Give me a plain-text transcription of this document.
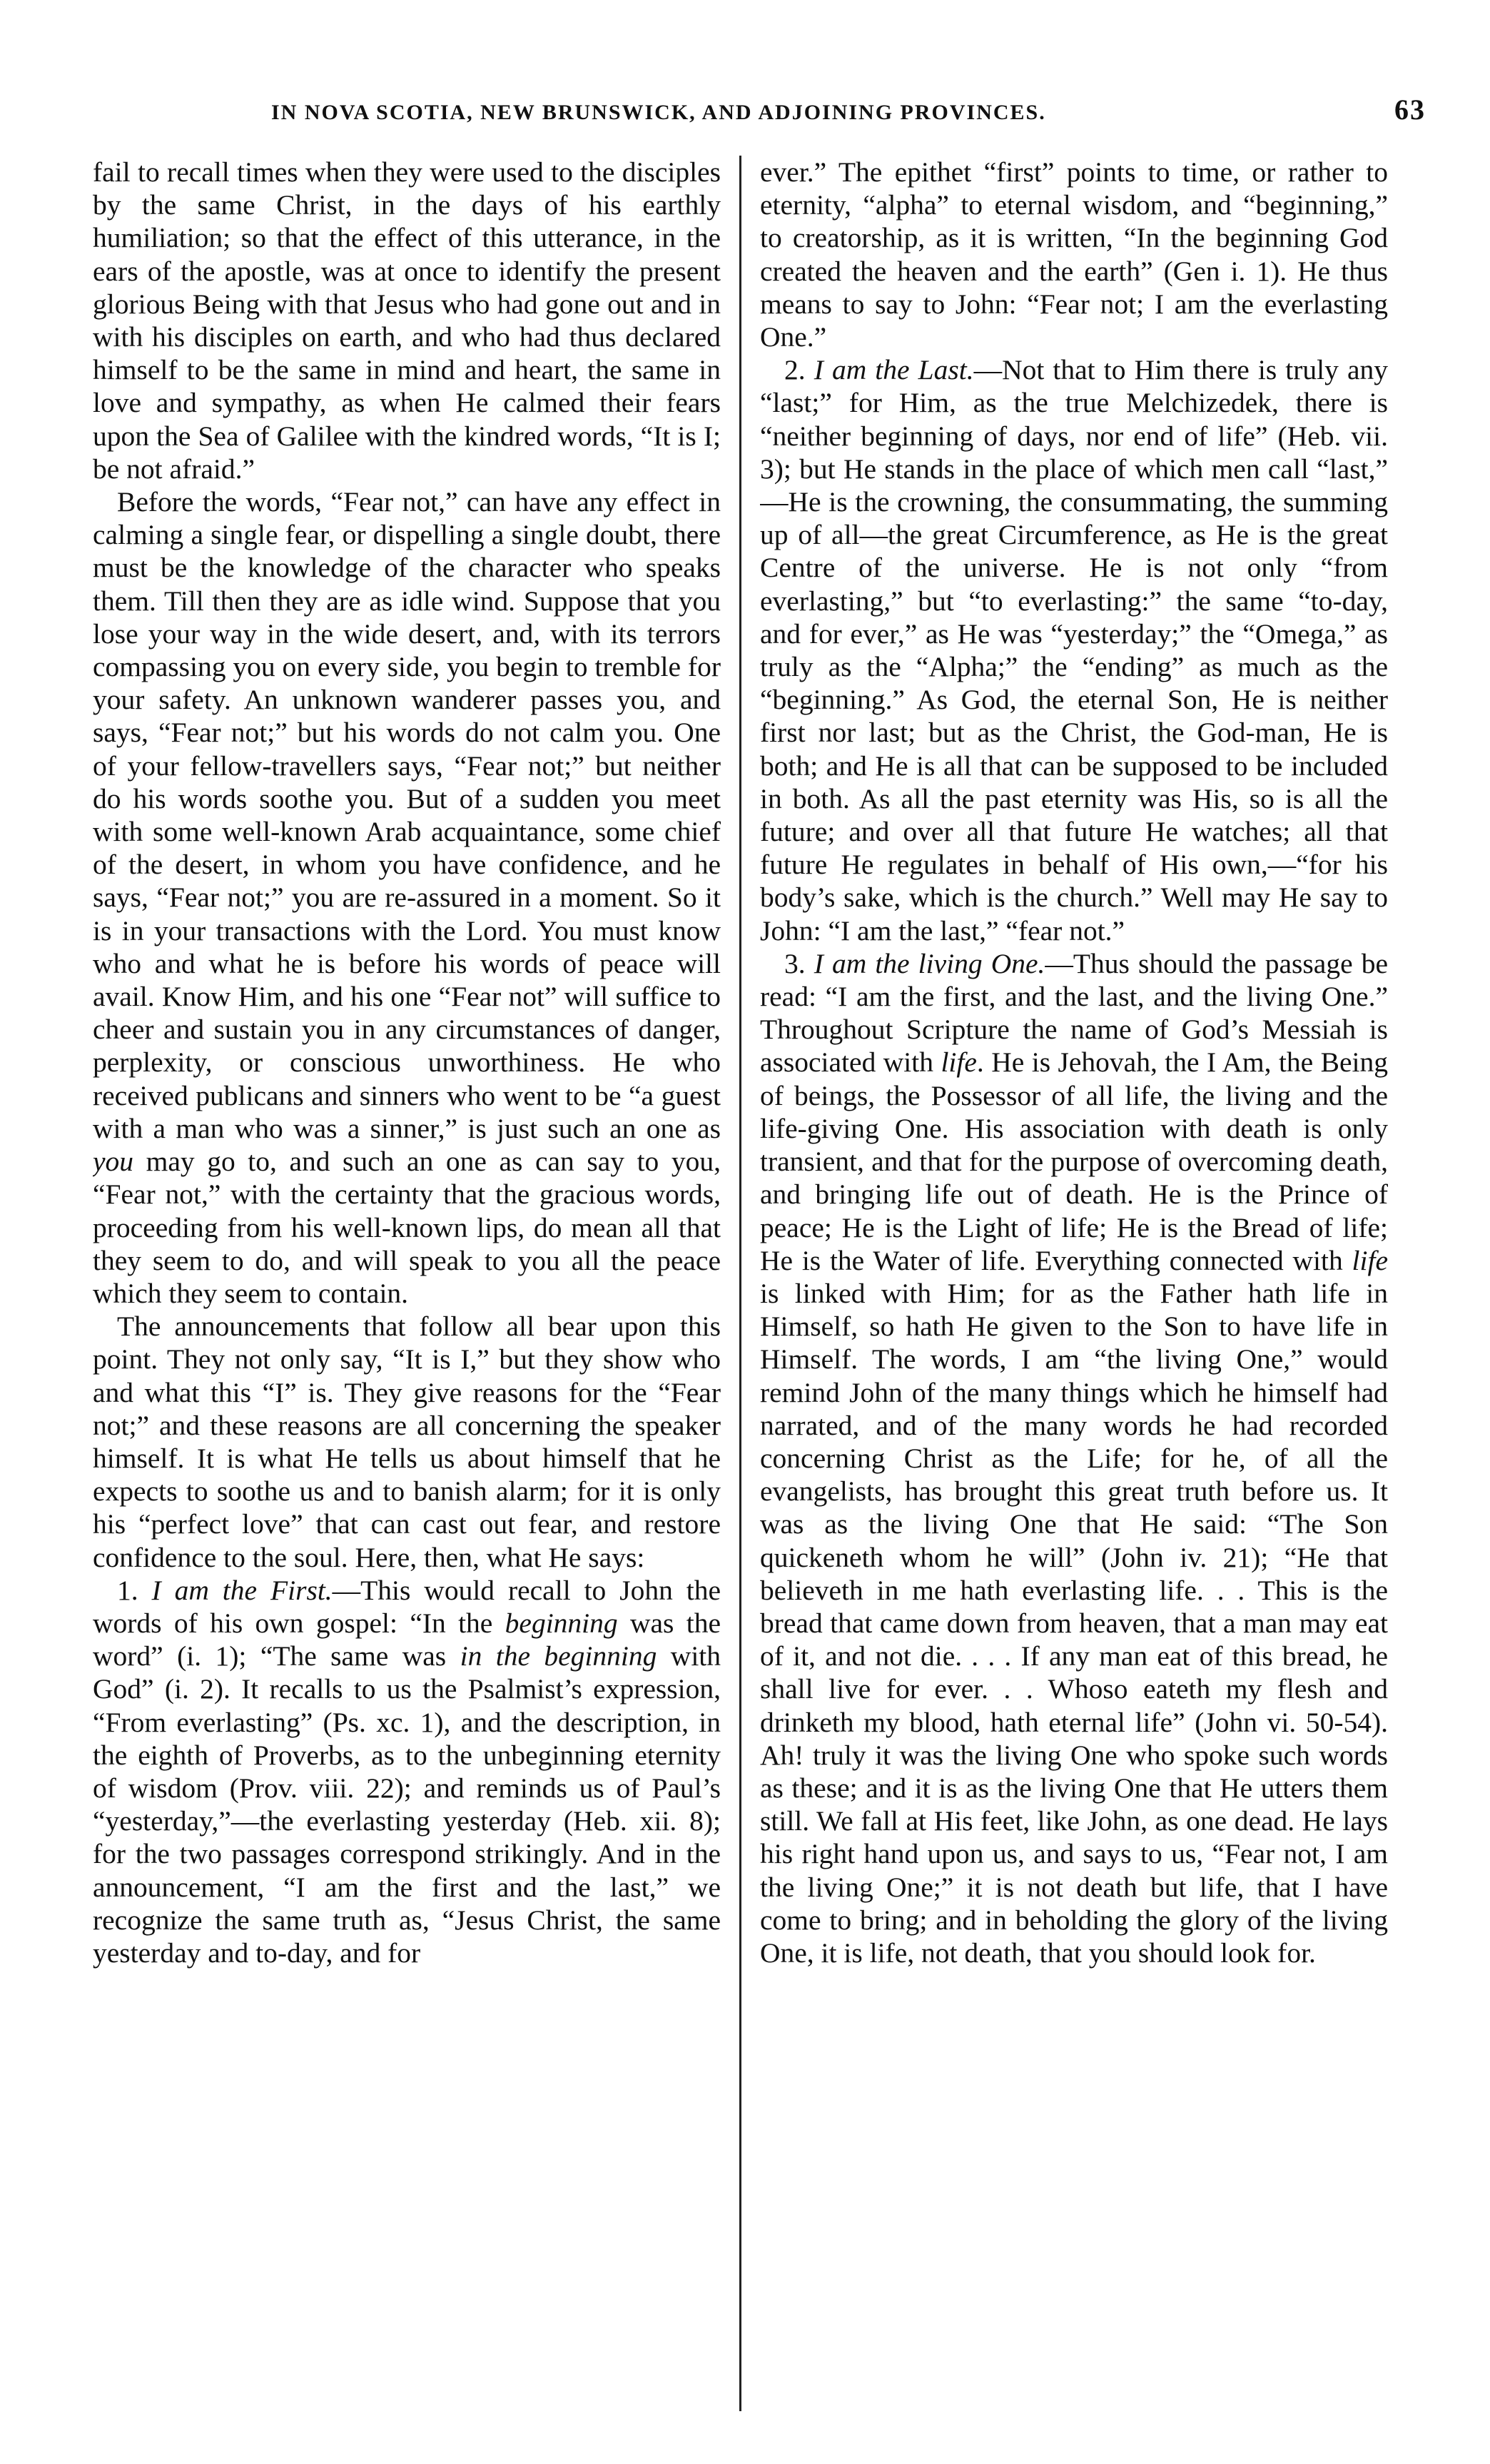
IN NOVA SCOTIA, NEW BRUNSWICK, AND ADJOINING PROVINCES.	63

fail to recall times when they were used to the disciples by the same Christ, in the days of his earthly humiliation; so that the effect of this utterance, in the ears of the apostle, was at once to identify the present glorious Being with that Jesus who had gone out and in with his disciples on earth, and who had thus declared himself to be the same in mind and heart, the same in love and sympathy, as when He calmed their fears upon the Sea of Galilee with the kindred words, “It is I; be not afraid.”

Before the words, “Fear not,” can have any effect in calming a single fear, or dispelling a single doubt, there must be the knowledge of the character who speaks them. Till then they are as idle wind. Suppose that you lose your way in the wide desert, and, with its terrors compassing you on every side, you begin to tremble for your safety. An unknown wanderer passes you, and says, “Fear not;” but his words do not calm you. One of your fellow-travellers says, “Fear not;” but neither do his words soothe you. But of a sudden you meet with some well-known Arab acquaintance, some chief of the desert, in whom you have confidence, and he says, “Fear not;” you are re-assured in a moment. So it is in your transactions with the Lord. You must know who and what he is before his words of peace will avail. Know Him, and his one “Fear not” will suffice to cheer and sustain you in any circumstances of danger, perplexity, or conscious unworthiness. He who received publicans and sinners who went to be “a guest with a man who was a sinner,” is just such an one as you may go to, and such an one as can say to you, “Fear not,” with the certainty that the gracious words, proceeding from his well-known lips, do mean all that they seem to do, and will speak to you all the peace which they seem to contain.

The announcements that follow all bear upon this point. They not only say, “It is I,” but they show who and what this “I” is. They give reasons for the “Fear not;” and these reasons are all concerning the speaker himself. It is what He tells us about himself that he expects to soothe us and to banish alarm; for it is only his “perfect love” that can cast out fear, and restore confidence to the soul. Here, then, what He says:

1. I am the First.—This would recall to John the words of his own gospel: “In the beginning was the word” (i. 1); “The same was in the beginning with God” (i. 2). It recalls to us the Psalmist’s expression, “From everlasting” (Ps. xc. 1), and the description, in the eighth of Proverbs, as to the unbeginning eternity of wisdom (Prov. viii. 22); and reminds us of Paul’s “yesterday,”—the everlasting yesterday (Heb. xii. 8); for the two passages correspond strikingly. And in the announcement, “I am the first and the last,” we recognize the same truth as, “Jesus Christ, the same yesterday and to-day, and for

ever.” The epithet “first” points to time, or rather to eternity, “alpha” to eternal wisdom, and “beginning,” to creatorship, as it is written, “In the beginning God created the heaven and the earth” (Gen i. 1). He thus means to say to John: “Fear not; I am the everlasting One.”

2. I am the Last.—Not that to Him there is truly any “last;” for Him, as the true Melchizedek, there is “neither beginning of days, nor end of life” (Heb. vii. 3); but He stands in the place of which men call “last,” —He is the crowning, the consummating, the summing up of all—the great Circumference, as He is the great Centre of the universe. He is not only “from everlasting,” but “to everlasting:” the same “to-day, and for ever,” as He was “yesterday;” the “Omega,” as truly as the “Alpha;” the “ending” as much as the “beginning.” As God, the eternal Son, He is neither first nor last; but as the Christ, the God-man, He is both; and He is all that can be supposed to be included in both. As all the past eternity was His, so is all the future; and over all that future He watches; all that future He regulates in behalf of His own,—“for his body’s sake, which is the church.” Well may He say to John: “I am the last,” “fear not.”

3. I am the living One.—Thus should the passage be read: “I am the first, and the last, and the living One.” Throughout Scripture the name of God’s Messiah is associated with life. He is Jehovah, the I Am, the Being of beings, the Possessor of all life, the living and the life-giving One. His association with death is only transient, and that for the purpose of overcoming death, and bringing life out of death. He is the Prince of peace; He is the Light of life; He is the Bread of life; He is the Water of life. Everything connected with life is linked with Him; for as the Father hath life in Himself, so hath He given to the Son to have life in Himself. The words, I am “the living One,” would remind John of the many things which he himself had narrated, and of the many words he had recorded concerning Christ as the Life; for he, of all the evangelists, has brought this great truth before us. It was as the living One that He said: “The Son quickeneth whom he will” (John iv. 21); “He that believeth in me hath everlasting life. . . This is the bread that came down from heaven, that a man may eat of it, and not die. . . . If any man eat of this bread, he shall live for ever. . . Whoso eateth my flesh and drinketh my blood, hath eternal life” (John vi. 50-54). Ah! truly it was the living One who spoke such words as these; and it is as the living One that He utters them still. We fall at His feet, like John, as one dead. He lays his right hand upon us, and says to us, “Fear not, I am the living One;” it is not death but life, that I have come to bring; and in beholding the glory of the living One, it is life, not death, that you should look for.
